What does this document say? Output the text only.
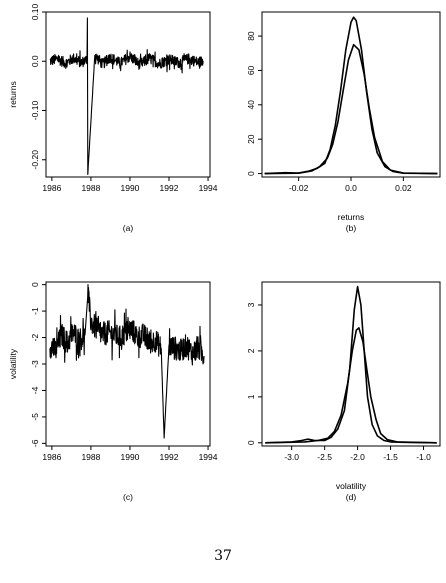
1986 1988 1990 1992 1994
-0.20
-0.10
0.0
0.10
returns
(a)
-0.02	0.0	0.02
0
20
40
60
80
returns
(b)
1986 1988 1990 1992 1994
-6
-5
-4
-3
-2
-1
0
volatility
(c)
-3.0 -2.5 -2.0 -1.5 -1.0
0
1
2
3
volatility
(d)
37
